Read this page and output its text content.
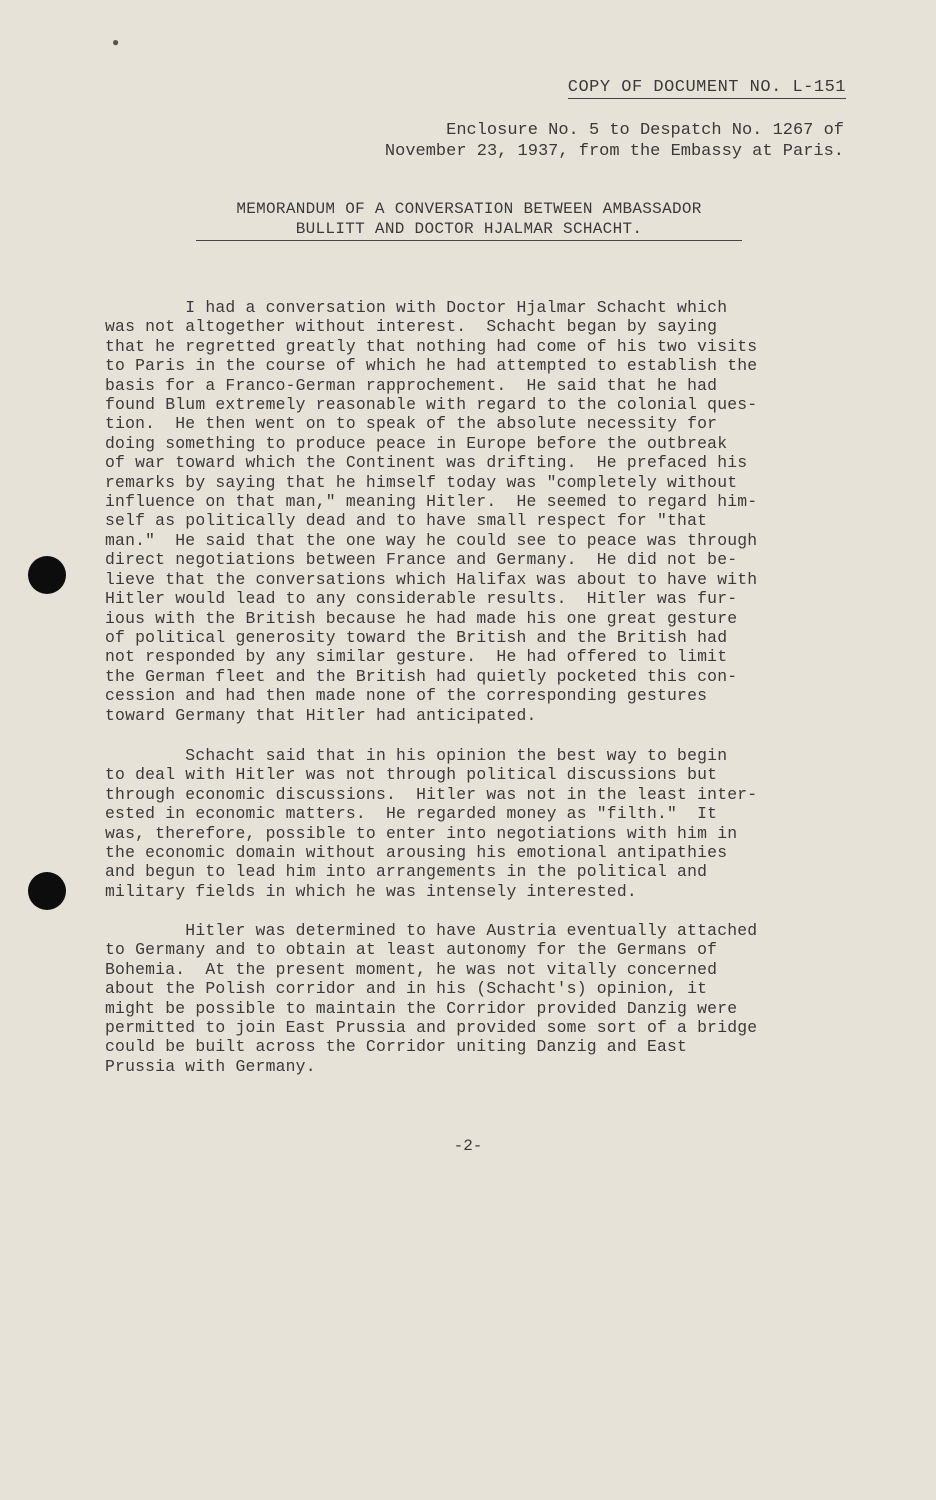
●
COPY OF DOCUMENT NO. L-151
Enclosure No. 5 to Despatch No. 1267 of
November 23, 1937, from the Embassy at Paris.
MEMORANDUM OF A CONVERSATION BETWEEN AMBASSADOR
BULLITT AND DOCTOR HJALMAR SCHACHT.
I had a conversation with Doctor Hjalmar Schacht which
was not altogether without interest.  Schacht began by saying
that he regretted greatly that nothing had come of his two visits
to Paris in the course of which he had attempted to establish the
basis for a Franco-German rapprochement.  He said that he had
found Blum extremely reasonable with regard to the colonial ques-
tion.  He then went on to speak of the absolute necessity for
doing something to produce peace in Europe before the outbreak
of war toward which the Continent was drifting.  He prefaced his
remarks by saying that he himself today was "completely without
influence on that man," meaning Hitler.  He seemed to regard him-
self as politically dead and to have small respect for "that
man."  He said that the one way he could see to peace was through
direct negotiations between France and Germany.  He did not be-
lieve that the conversations which Halifax was about to have with
Hitler would lead to any considerable results.  Hitler was fur-
ious with the British because he had made his one great gesture
of political generosity toward the British and the British had
not responded by any similar gesture.  He had offered to limit
the German fleet and the British had quietly pocketed this con-
cession and had then made none of the corresponding gestures
toward Germany that Hitler had anticipated.
Schacht said that in his opinion the best way to begin
to deal with Hitler was not through political discussions but
through economic discussions.  Hitler was not in the least inter-
ested in economic matters.  He regarded money as "filth."  It
was, therefore, possible to enter into negotiations with him in
the economic domain without arousing his emotional antipathies
and begun to lead him into arrangements in the political and
military fields in which he was intensely interested.
Hitler was determined to have Austria eventually attached
to Germany and to obtain at least autonomy for the Germans of
Bohemia.  At the present moment, he was not vitally concerned
about the Polish corridor and in his (Schacht's) opinion, it
might be possible to maintain the Corridor provided Danzig were
permitted to join East Prussia and provided some sort of a bridge
could be built across the Corridor uniting Danzig and East
Prussia with Germany.
-2-
